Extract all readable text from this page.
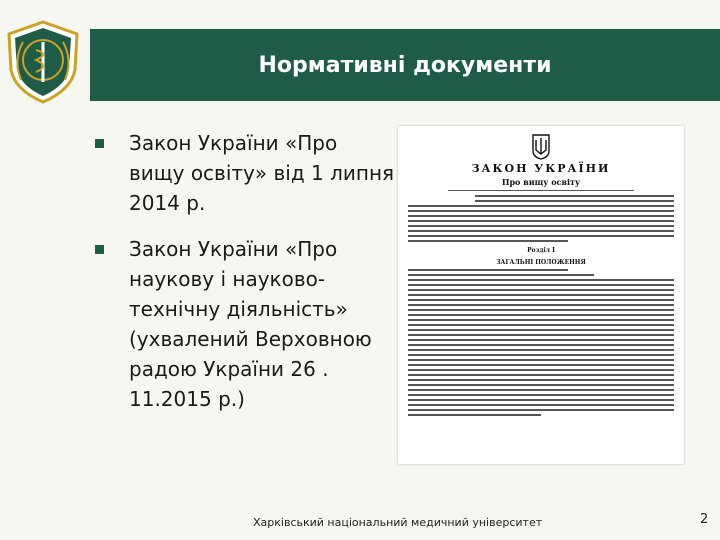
Нормативні документи
Закон України «Про вищу освіту» від 1 липня 2014 р.
Закон України «Про наукову і науково-технічну діяльність» (ухвалений Верховною радою України 26 . 11.2015 р.)
ЗАКОН УКРАЇНИ
Про вищу освіту
Розділ І
ЗАГАЛЬНІ ПОЛОЖЕННЯ
Харківський національний медичний університет	2
